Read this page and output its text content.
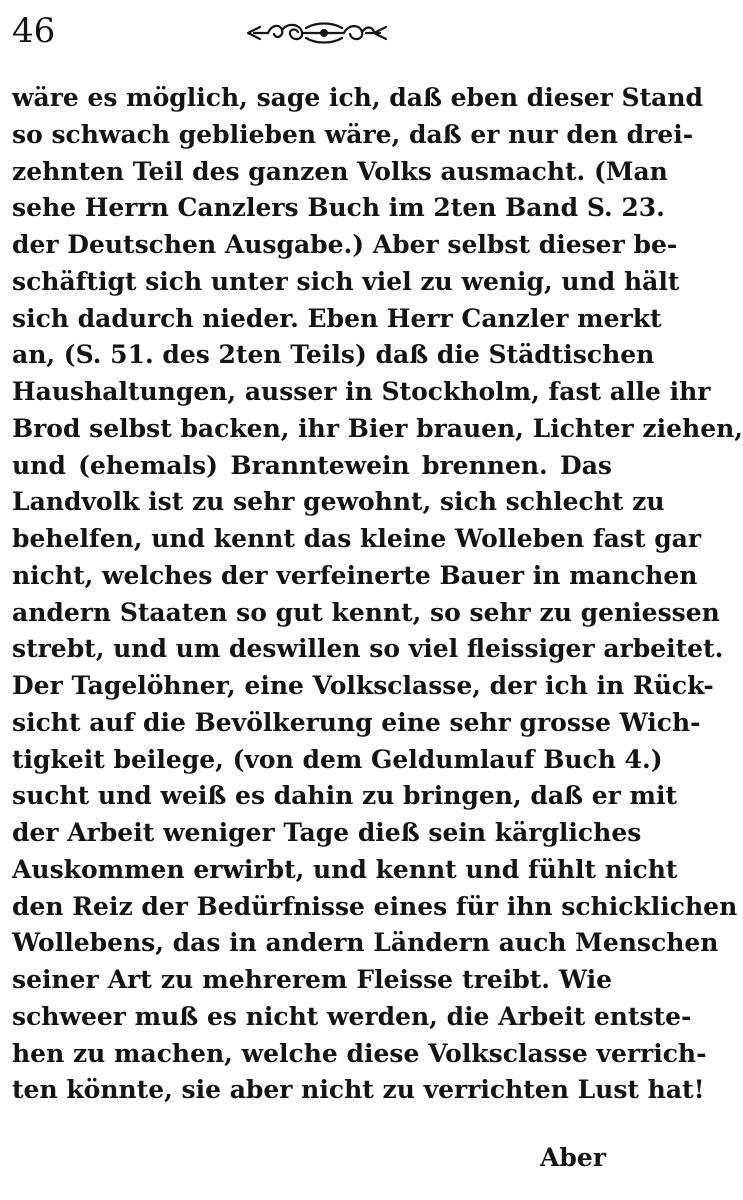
46
wäre es möglich, sage ich, daß eben dieser Stand
so schwach geblieben wäre, daß er nur den drei-
zehnten Teil des ganzen Volks ausmacht. (Man
sehe Herrn Canzlers Buch im 2ten Band S. 23.
der Deutschen Ausgabe.) Aber selbst dieser be-
schäftigt sich unter sich viel zu wenig, und hält
sich dadurch nieder. Eben Herr Canzler merkt
an, (S. 51. des 2ten Teils) daß die Städtischen
Haushaltungen, ausser in Stockholm, fast alle ihr
Brod selbst backen, ihr Bier brauen, Lichter ziehen,
und (ehemals) Branntewein brennen. Das
Landvolk ist zu sehr gewohnt, sich schlecht zu
behelfen, und kennt das kleine Wolleben fast gar
nicht, welches der verfeinerte Bauer in manchen
andern Staaten so gut kennt, so sehr zu geniessen
strebt, und um deswillen so viel fleissiger arbeitet.
Der Tagelöhner, eine Volksclasse, der ich in Rück-
sicht auf die Bevölkerung eine sehr grosse Wich-
tigkeit beilege, (von dem Geldumlauf Buch 4.)
sucht und weiß es dahin zu bringen, daß er mit
der Arbeit weniger Tage dieß sein kärgliches
Auskommen erwirbt, und kennt und fühlt nicht
den Reiz der Bedürfnisse eines für ihn schicklichen
Wollebens, das in andern Ländern auch Menschen
seiner Art zu mehrerem Fleisse treibt. Wie
schweer muß es nicht werden, die Arbeit entste-
hen zu machen, welche diese Volksclasse verrich-
ten könnte, sie aber nicht zu verrichten Lust hat!
Aber
